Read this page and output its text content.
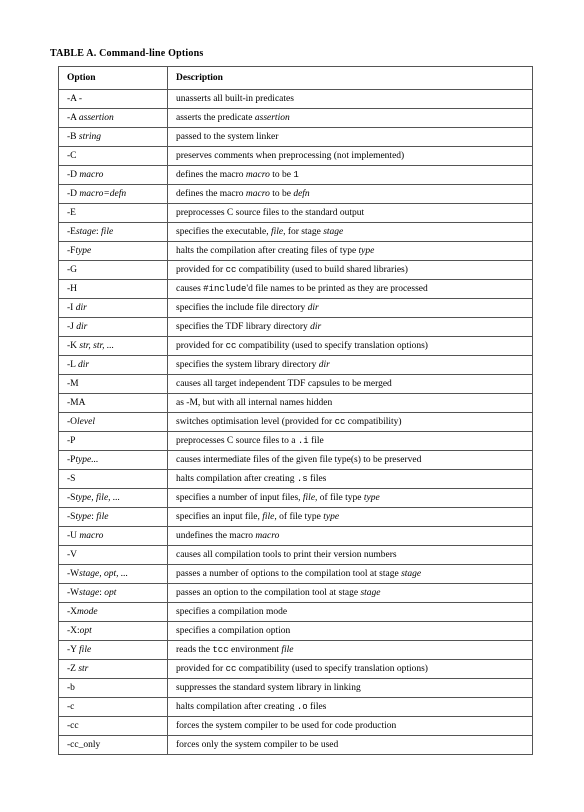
TABLE A. Command-line Options
Option	Description
-A -	unasserts all built-in predicates
-A assertion	asserts the predicate assertion
-B string	passed to the system linker
-C	preserves comments when preprocessing (not implemented)
-D macro	defines the macro macro to be 1
-D macro=defn	defines the macro macro to be defn
-E	preprocesses C source files to the standard output
-Estage: file	specifies the executable, file, for stage stage
-Ftype	halts the compilation after creating files of type type
-G	provided for cc compatibility (used to build shared libraries)
-H	causes #include'd file names to be printed as they are processed
-I dir	specifies the include file directory dir
-J dir	specifies the TDF library directory dir
-K str, str, ...	provided for cc compatibility (used to specify translation options)
-L dir	specifies the system library directory dir
-M	causes all target independent TDF capsules to be merged
-MA	as -M, but with all internal names hidden
-Olevel	switches optimisation level (provided for cc compatibility)
-P	preprocesses C source files to a .i file
-Ptype...	causes intermediate files of the given file type(s) to be preserved
-S	halts compilation after creating .s files
-Stype, file, ...	specifies a number of input files, file, of file type type
-Stype: file	specifies an input file, file, of file type type
-U macro	undefines the macro macro
-V	causes all compilation tools to print their version numbers
-Wstage, opt, ...	passes a number of options to the compilation tool at stage stage
-Wstage: opt	passes an option to the compilation tool at stage stage
-Xmode	specifies a compilation mode
-X:opt	specifies a compilation option
-Y file	reads the tcc environment file
-Z str	provided for cc compatibility (used to specify translation options)
-b	suppresses the standard system library in linking
-c	halts compilation after creating .o files
-cc	forces the system compiler to be used for code production
-cc_only	forces only the system compiler to be used
